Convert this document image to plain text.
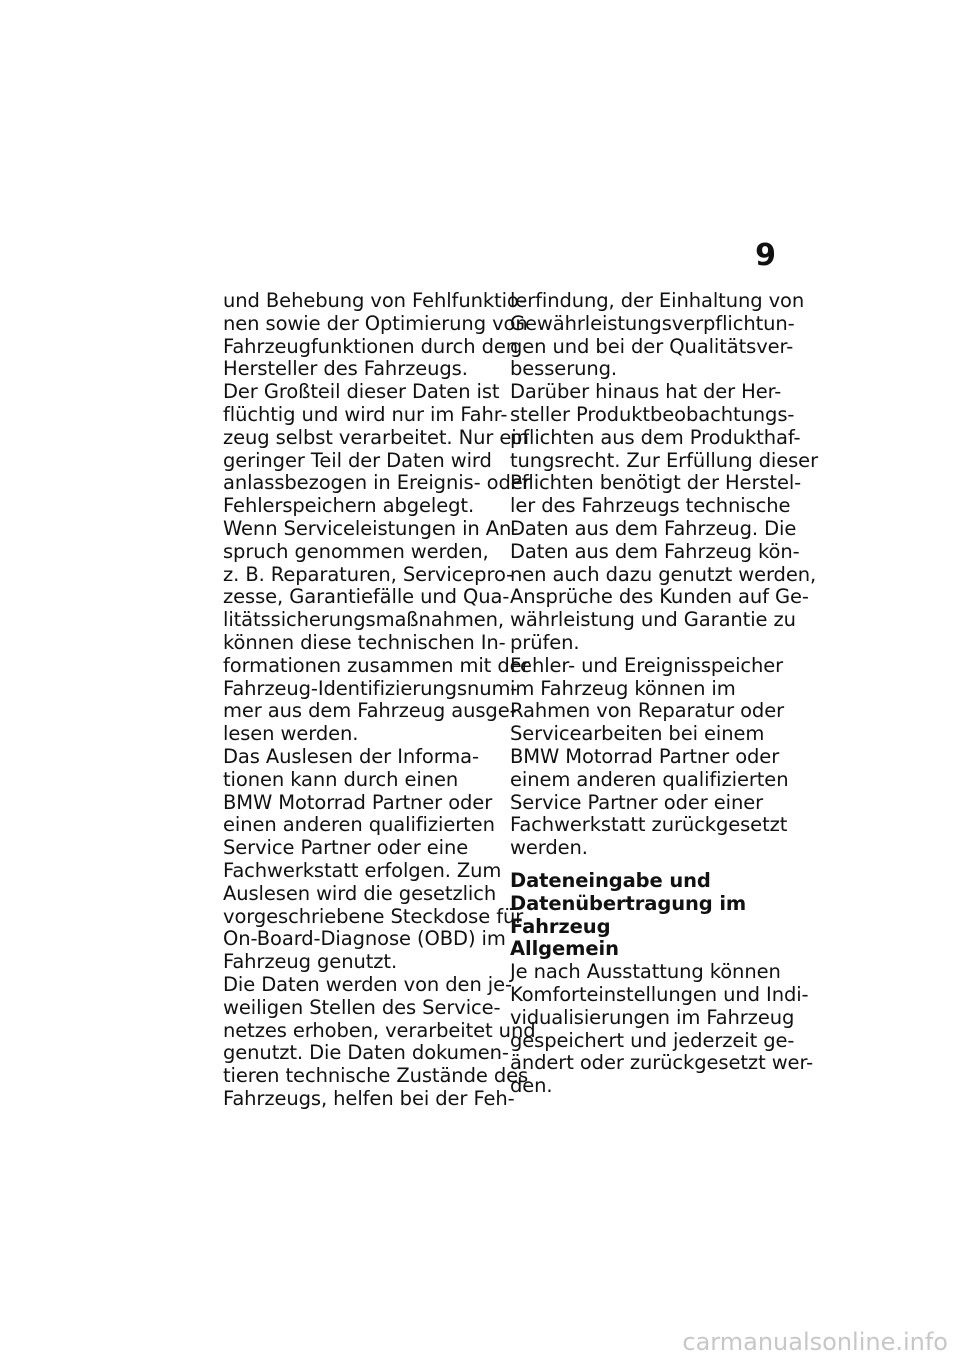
9
und Behebung von Fehlfunktio-
nen sowie der Optimierung von
Fahrzeugfunktionen durch den
Hersteller des Fahrzeugs.
Der Großteil dieser Daten ist
flüchtig und wird nur im Fahr-
zeug selbst verarbeitet. Nur ein
geringer Teil der Daten wird
anlassbezogen in Ereignis- oder
Fehlerspeichern abgelegt.
Wenn Serviceleistungen in An-
spruch genommen werden,
z. B. Reparaturen, Servicepro-
zesse, Garantiefälle und Qua-
litätssicherungsmaßnahmen,
können diese technischen In-
formationen zusammen mit der
Fahrzeug-Identifizierungsnum-
mer aus dem Fahrzeug ausge-
lesen werden.
Das Auslesen der Informa-
tionen kann durch einen
BMW Motorrad Partner oder
einen anderen qualifizierten
Service Partner oder eine
Fachwerkstatt erfolgen. Zum
Auslesen wird die gesetzlich
vorgeschriebene Steckdose für
On-Board-Diagnose (OBD) im
Fahrzeug genutzt.
Die Daten werden von den je-
weiligen Stellen des Service-
netzes erhoben, verarbeitet und
genutzt. Die Daten dokumen-
tieren technische Zustände des
Fahrzeugs, helfen bei der Feh-
lerfindung, der Einhaltung von
Gewährleistungsverpflichtun-
gen und bei der Qualitätsver-
besserung.
Darüber hinaus hat der Her-
steller Produktbeobachtungs-
pflichten aus dem Produkthaf-
tungsrecht. Zur Erfüllung dieser
Pflichten benötigt der Herstel-
ler des Fahrzeugs technische
Daten aus dem Fahrzeug. Die
Daten aus dem Fahrzeug kön-
nen auch dazu genutzt werden,
Ansprüche des Kunden auf Ge-
währleistung und Garantie zu
prüfen.
Fehler- und Ereignisspeicher
im Fahrzeug können im
Rahmen von Reparatur oder
Servicearbeiten bei einem
BMW Motorrad Partner oder
einem anderen qualifizierten
Service Partner oder einer
Fachwerkstatt zurückgesetzt
werden.
Dateneingabe und
Datenübertragung im
Fahrzeug
Allgemein
Je nach Ausstattung können
Komforteinstellungen und Indi-
vidualisierungen im Fahrzeug
gespeichert und jederzeit ge-
ändert oder zurückgesetzt wer-
den.
carmanualsonline.info
